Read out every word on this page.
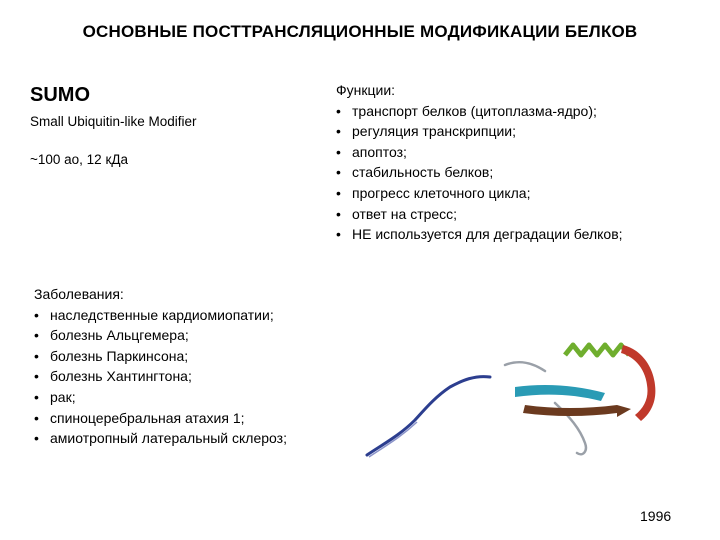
ОСНОВНЫЕ ПОСТТРАНСЛЯЦИОННЫЕ МОДИФИКАЦИИ БЕЛКОВ
SUMO
Small Ubiquitin-like Modifier
~100 ао, 12 кДа
Функции:
• транспорт белков (цитоплазма-ядро);
• регуляция транскрипции;
• апоптоз;
• стабильность белков;
• прогресс клеточного цикла;
• ответ на стресс;
• НЕ используется для деградации белков;
Заболевания:
• наследственные кардиомиопатии;
• болезнь Альцгемера;
• болезнь Паркинсона;
• болезнь Хантингтона;
• рак;
• спиноцеребральная атахия 1;
• амиотропный латеральный склероз;
1996
